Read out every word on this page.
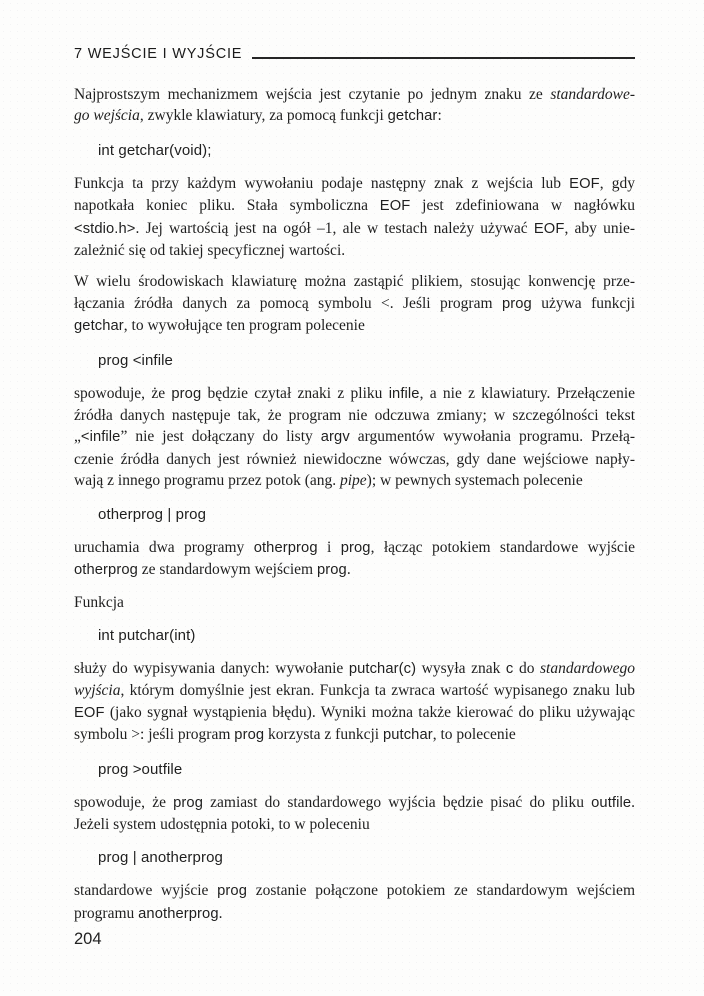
7 WEJŚCIE I WYJŚCIE
Najprostszym mechanizmem wejścia jest czytanie po jednym znaku ze standardowe-
go wejścia, zwykle klawiatury, za pomocą funkcji getchar:
int getchar(void);
Funkcja ta przy każdym wywołaniu podaje następny znak z wejścia lub EOF, gdy
napotkała koniec pliku. Stała symboliczna EOF jest zdefiniowana w nagłówku
<stdio.h>. Jej wartością jest na ogół –1, ale w testach należy używać EOF, aby unie-
zależnić się od takiej specyficznej wartości.
W wielu środowiskach klawiaturę można zastąpić plikiem, stosując konwencję prze-
łączania źródła danych za pomocą symbolu <. Jeśli program prog używa funkcji
getchar, to wywołujące ten program polecenie
prog <infile
spowoduje, że prog będzie czytał znaki z pliku infile, a nie z klawiatury. Przełączenie
źródła danych następuje tak, że program nie odczuwa zmiany; w szczególności tekst
„<infile” nie jest dołączany do listy argv argumentów wywołania programu. Przełą-
czenie źródła danych jest również niewidoczne wówczas, gdy dane wejściowe napły-
wają z innego programu przez potok (ang. pipe); w pewnych systemach polecenie
otherprog | prog
uruchamia dwa programy otherprog i prog, łącząc potokiem standardowe wyjście
otherprog ze standardowym wejściem prog.
Funkcja
int putchar(int)
służy do wypisywania danych: wywołanie putchar(c) wysyła znak c do standardowego
wyjścia, którym domyślnie jest ekran. Funkcja ta zwraca wartość wypisanego znaku lub
EOF (jako sygnał wystąpienia błędu). Wyniki można także kierować do pliku używając
symbolu >: jeśli program prog korzysta z funkcji putchar, to polecenie
prog >outfile
spowoduje, że prog zamiast do standardowego wyjścia będzie pisać do pliku outfile.
Jeżeli system udostępnia potoki, to w poleceniu
prog | anotherprog
standardowe wyjście prog zostanie połączone potokiem ze standardowym wejściem
programu anotherprog.
204
